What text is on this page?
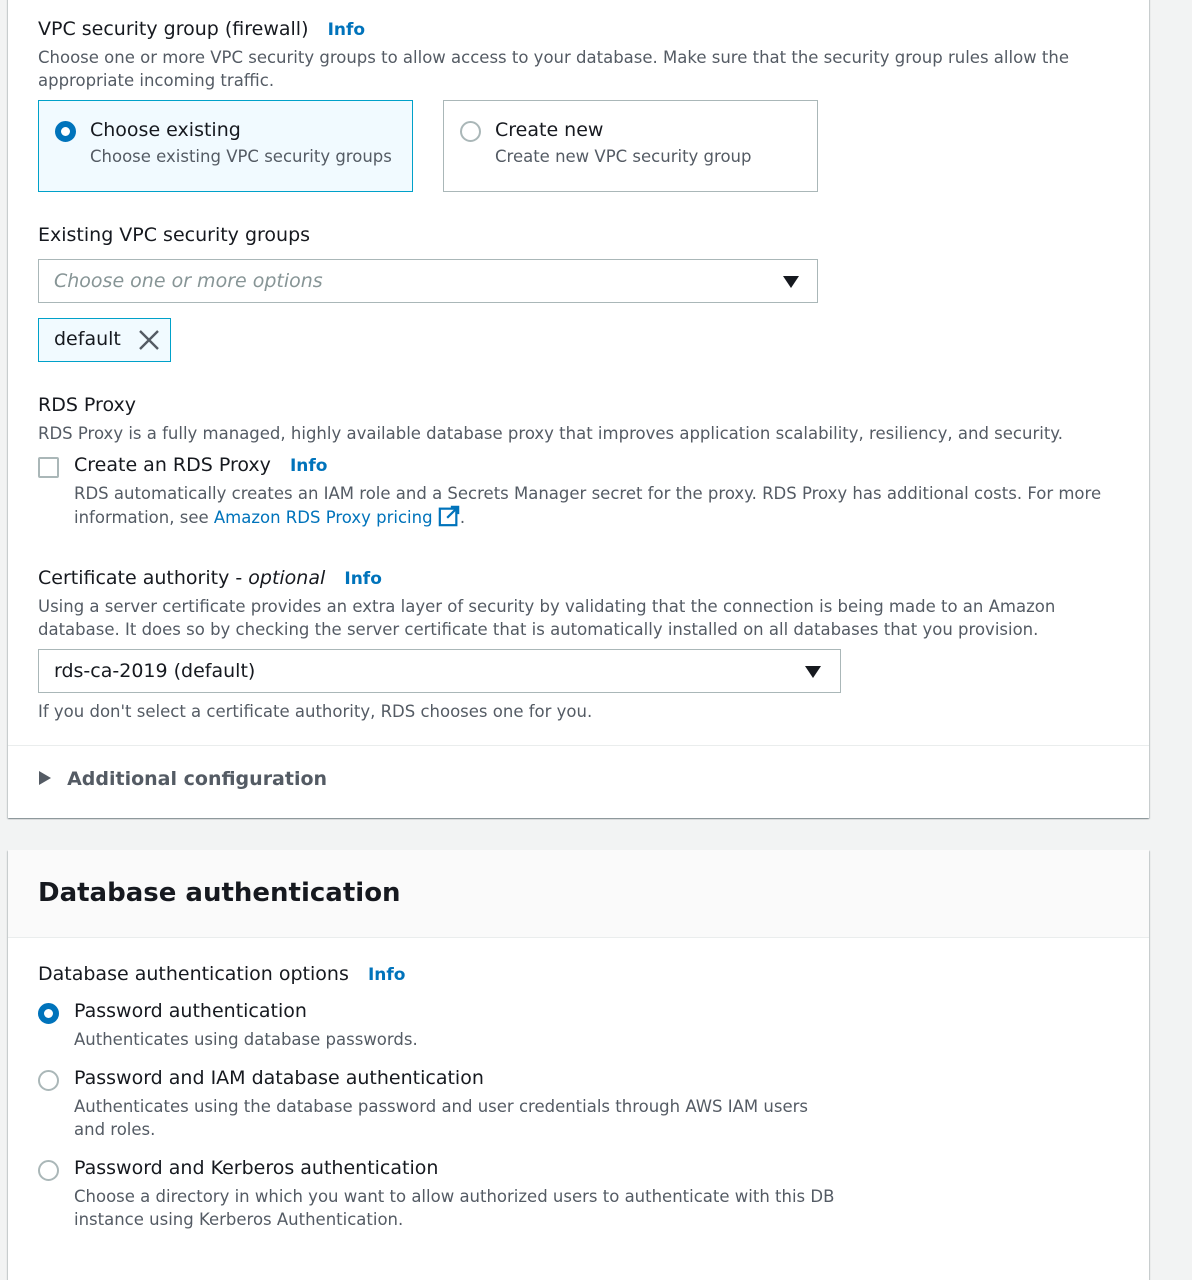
VPC security group (firewall) Info
Choose one or more VPC security groups to allow access to your database. Make sure that the security group rules allow the appropriate incoming traffic.
Choose existing
Choose existing VPC security groups
Create new
Create new VPC security group
Existing VPC security groups
Choose one or more options
default
RDS Proxy
RDS Proxy is a fully managed, highly available database proxy that improves application scalability, resiliency, and security.
Create an RDS Proxy Info
RDS automatically creates an IAM role and a Secrets Manager secret for the proxy. RDS Proxy has additional costs. For more information, see Amazon RDS Proxy pricing .
Certificate authority - optional Info
Using a server certificate provides an extra layer of security by validating that the connection is being made to an Amazon database. It does so by checking the server certificate that is automatically installed on all databases that you provision.
rds-ca-2019 (default)
If you don't select a certificate authority, RDS chooses one for you.
Additional configuration
Database authentication
Database authentication options Info
Password authentication
Authenticates using database passwords.
Password and IAM database authentication
Authenticates using the database password and user credentials through AWS IAM users and roles.
Password and Kerberos authentication
Choose a directory in which you want to allow authorized users to authenticate with this DB instance using Kerberos Authentication.
